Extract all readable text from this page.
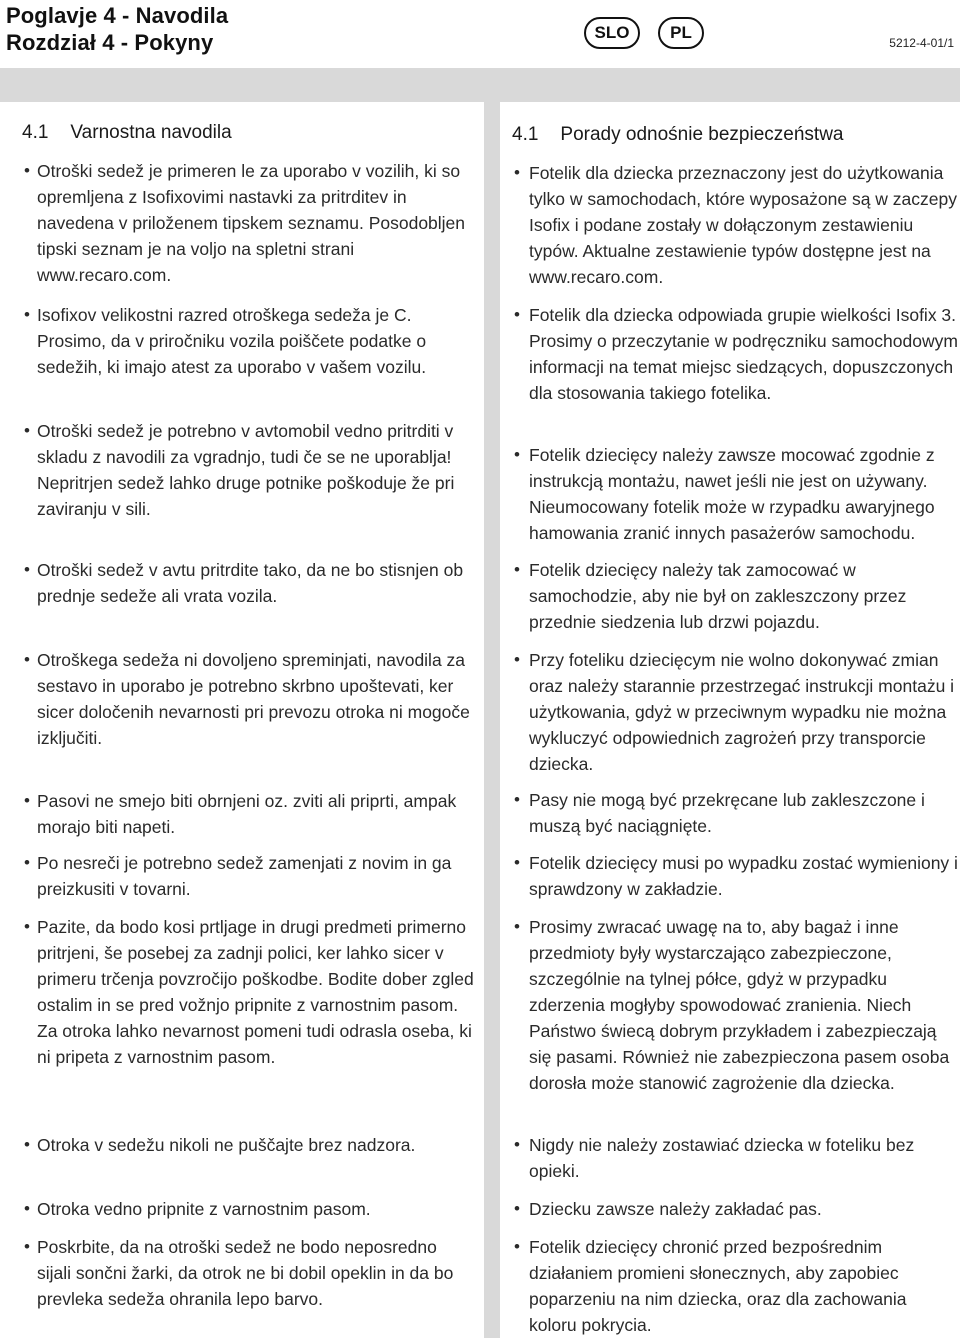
Poglavje 4 - Navodila
Rozdział 4 - Pokyny	SLO	PL
5212-4-01/1
4.1 Varnostna navodila
• Otroški sedež je primeren le za uporabo v vozilih, ki so opremljena z Isofixovimi nastavki za pritrditev in navedena v priloženem tipskem seznamu. Posodobljen tipski seznam je na voljo na spletni strani www.recaro.com.
• Isofixov velikostni razred otroškega sedeža je C. Prosimo, da v priročniku vozila poiščete podatke o sedežih, ki imajo atest za uporabo v vašem vozilu.
• Otroški sedež je potrebno v avtomobil vedno pritrditi v skladu z navodili za vgradnjo, tudi če se ne uporablja! Nepritrjen sedež lahko druge potnike poškoduje že pri zaviranju v sili.
• Otroški sedež v avtu pritrdite tako, da ne bo stisnjen ob prednje sedeže ali vrata vozila.
• Otroškega sedeža ni dovoljeno spreminjati, navodila za sestavo in uporabo je potrebno skrbno upoštevati, ker sicer določenih nevarnosti pri prevozu otroka ni mogoče izključiti.
• Pasovi ne smejo biti obrnjeni oz. zviti ali priprti, ampak morajo biti napeti.
• Po nesreči je potrebno sedež zamenjati z novim in ga preizkusiti v tovarni.
• Pazite, da bodo kosi prtljage in drugi predmeti primerno pritrjeni, še posebej za zadnji polici, ker lahko sicer v primeru trčenja povzročijo poškodbe. Bodite dober zgled ostalim in se pred vožnjo pripnite z varnostnim pasom. Za otroka lahko nevarnost pomeni tudi odrasla oseba, ki ni pripeta z varnostnim pasom.
• Otroka v sedežu nikoli ne puščajte brez nadzora.
• Otroka vedno pripnite z varnostnim pasom.
• Poskrbite, da na otroški sedež ne bodo neposredno sijali sončni žarki, da otrok ne bi dobil opeklin in da bo prevleka sedeža ohranila lepo barvo.
4.1 Porady odnośnie bezpieczeństwa
• Fotelik dla dziecka przeznaczony jest do użytkowania tylko w samochodach, które wyposażone są w zaczepy Isofix i podane zostały w dołączonym zestawieniu typów. Aktualne zestawienie typów dostępne jest na www.recaro.com.
• Fotelik dla dziecka odpowiada grupie wielkości Isofix 3. Prosimy o przeczytanie w podręczniku samochodowym informacji na temat miejsc siedzących, dopuszczonych dla stosowania takiego fotelika.
• Fotelik dziecięcy należy zawsze mocować zgodnie z instrukcją montażu, nawet jeśli nie jest on używany. Nieumocowany fotelik może w rzypadku awaryjnego hamowania zranić innych pasażerów samochodu.
• Fotelik dziecięcy należy tak zamocować w samochodzie, aby nie był on zakleszczony przez przednie siedzenia lub drzwi pojazdu.
• Przy foteliku dziecięcym nie wolno dokonywać zmian oraz należy starannie przestrzegać instrukcji montażu i użytkowania, gdyż w przeciwnym wypadku nie można wykluczyć odpowiednich zagrożeń przy transporcie dziecka.
• Pasy nie mogą być przekręcane lub zakleszczone i muszą być naciągnięte.
• Fotelik dziecięcy musi po wypadku zostać wymieniony i sprawdzony w zakładzie.
• Prosimy zwracać uwagę na to, aby bagaż i inne przedmioty były wystarczająco zabezpieczone, szczególnie na tylnej półce, gdyż w przypadku zderzenia mogłyby spowodować zranienia. Niech Państwo świecą dobrym przykładem i zabezpieczają się pasami. Również nie zabezpieczona pasem osoba dorosła może stanowić zagrożenie dla dziecka.
• Nigdy nie należy zostawiać dziecka w foteliku bez opieki.
• Dziecku zawsze należy zakładać pas.
• Fotelik dziecięcy chronić przed bezpośrednim działaniem promieni słonecznych, aby zapobiec poparzeniu na nim dziecka, oraz dla zachowania koloru pokrycia.
